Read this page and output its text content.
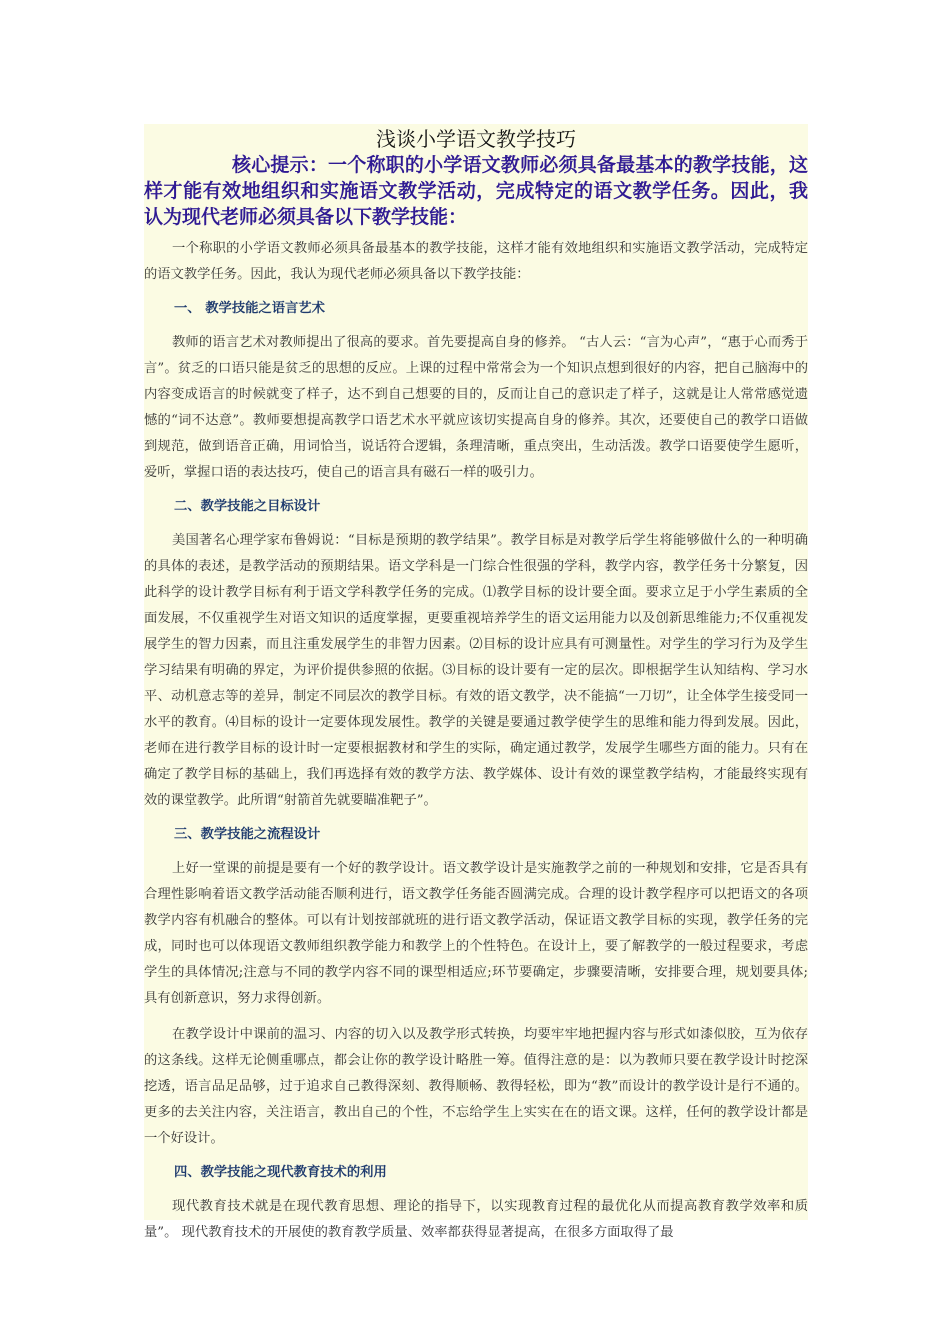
浅谈小学语文教学技巧
核心提示：一个称职的小学语文教师必须具备最基本的教学技能，这样才能有效地组织和实施语文教学活动，完成特定的语文教学任务。因此，我认为现代老师必须具备以下教学技能：
一个称职的小学语文教师必须具备最基本的教学技能，这样才能有效地组织和实施语文教学活动，完成特定的语文教学任务。因此，我认为现代老师必须具备以下教学技能：
一、 教学技能之语言艺术
教师的语言艺术对教师提出了很高的要求。首先要提高自身的修养。 “古人云：“言为心声”，“惠于心而秀于言”。贫乏的口语只能是贫乏的思想的反应。上课的过程中常常会为一个知识点想到很好的内容，把自己脑海中的内容变成语言的时候就变了样子，达不到自己想要的目的，反而让自己的意识走了样子，这就是让人常常感觉遗憾的“词不达意”。教师要想提高教学口语艺术水平就应该切实提高自身的修养。其次，还要使自己的教学口语做到规范，做到语音正确，用词恰当，说话符合逻辑，条理清晰，重点突出，生动活泼。教学口语要使学生愿听，爱听，掌握口语的表达技巧，使自己的语言具有磁石一样的吸引力。
二、教学技能之目标设计
美国著名心理学家布鲁姆说：“目标是预期的教学结果”。教学目标是对教学后学生将能够做什么的一种明确的具体的表述，是教学活动的预期结果。语文学科是一门综合性很强的学科，教学内容，教学任务十分繁复，因此科学的设计教学目标有利于语文学科教学任务的完成。⑴教学目标的设计要全面。要求立足于小学生素质的全面发展，不仅重视学生对语文知识的适度掌握，更要重视培养学生的语文运用能力以及创新思维能力;不仅重视发展学生的智力因素，而且注重发展学生的非智力因素。⑵目标的设计应具有可测量性。对学生的学习行为及学生学习结果有明确的界定，为评价提供参照的依据。⑶目标的设计要有一定的层次。即根据学生认知结构、学习水平、动机意志等的差异，制定不同层次的教学目标。有效的语文教学，决不能搞“一刀切”，让全体学生接受同一水平的教育。⑷目标的设计一定要体现发展性。教学的关键是要通过教学使学生的思维和能力得到发展。因此，老师在进行教学目标的设计时一定要根据教材和学生的实际，确定通过教学，发展学生哪些方面的能力。只有在确定了教学目标的基础上，我们再选择有效的教学方法、教学媒体、设计有效的课堂教学结构，才能最终实现有效的课堂教学。此所谓“射箭首先就要瞄准靶子”。
三、教学技能之流程设计
上好一堂课的前提是要有一个好的教学设计。语文教学设计是实施教学之前的一种规划和安排，它是否具有合理性影响着语文教学活动能否顺利进行，语文教学任务能否圆满完成。合理的设计教学程序可以把语文的各项教学内容有机融合的整体。可以有计划按部就班的进行语文教学活动，保证语文教学目标的实现，教学任务的完成，同时也可以体现语文教师组织教学能力和教学上的个性特色。在设计上，要了解教学的一般过程要求，考虑学生的具体情况;注意与不同的教学内容不同的课型相适应;环节要确定，步骤要清晰，安排要合理，规划要具体;具有创新意识，努力求得创新。
在教学设计中课前的温习、内容的切入以及教学形式转换，均要牢牢地把握内容与形式如漆似胶，互为依存的这条线。这样无论侧重哪点，都会让你的教学设计略胜一筹。值得注意的是：以为教师只要在教学设计时挖深挖透，语言品足品够，过于追求自己教得深刻、教得顺畅、教得轻松，即为“教”而设计的教学设计是行不通的。更多的去关注内容，关注语言，教出自己的个性，不忘给学生上实实在在的语文课。这样，任何的教学设计都是一个好设计。
四、教学技能之现代教育技术的利用
现代教育技术就是在现代教育思想、理论的指导下，以实现教育过程的最优化从而提高教育教学效率和质量”。 现代教育技术的开展使的教育教学质量、效率都获得显著提高，在很多方面取得了最
